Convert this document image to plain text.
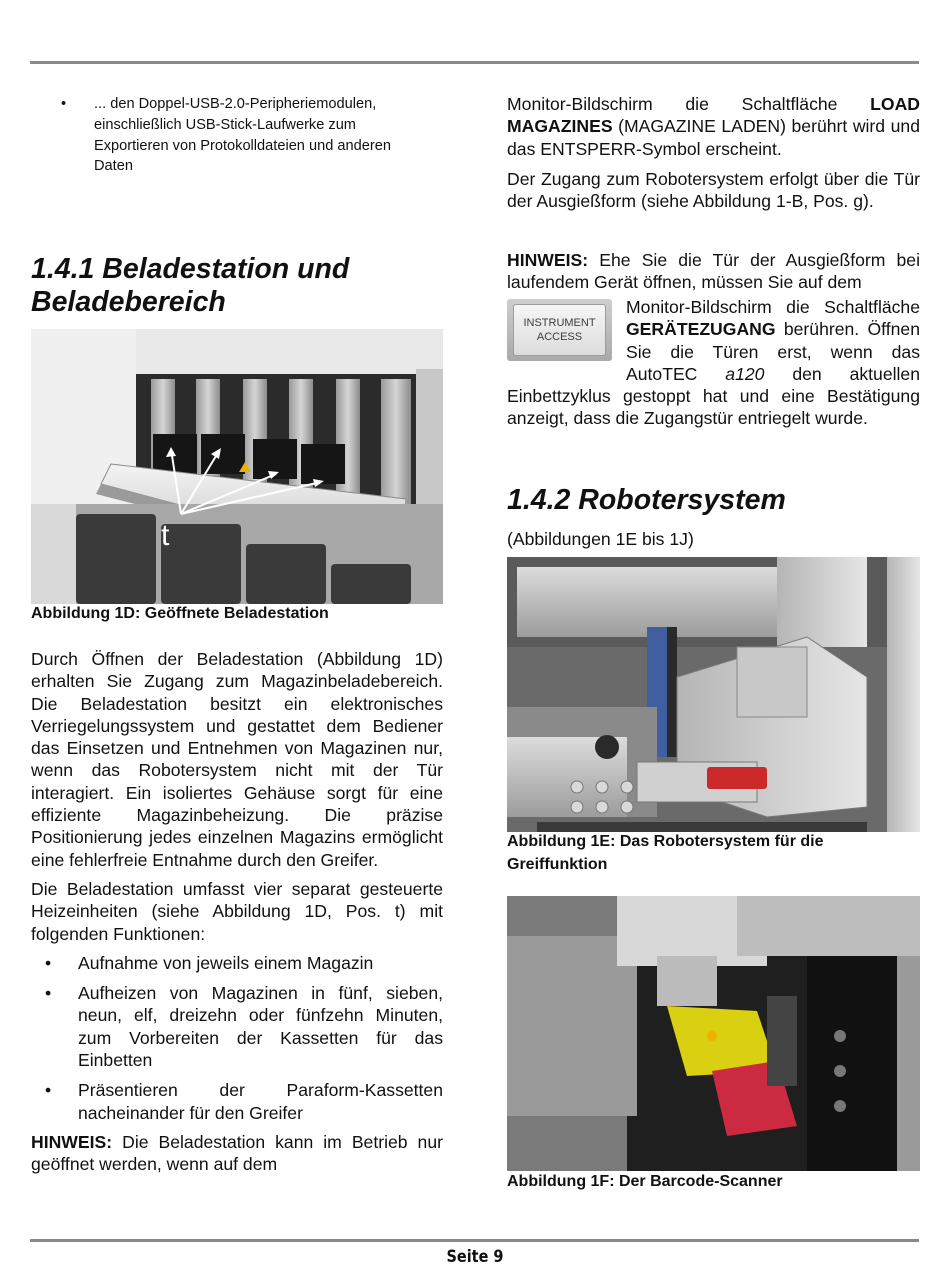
• ... den Doppel-USB-2.0-Peripheriemodulen, einschließlich USB-Stick-Laufwerke zum Exportieren von Protokolldateien und anderen Daten
1.4.1 Beladestation und Beladebereich
t

Abbildung 1D: Geöffnete Beladestation

Durch Öffnen der Beladestation (Abbildung 1D) erhalten Sie Zugang zum Magazinbeladebereich. Die Beladestation besitzt ein elektronisches Verriegelungssystem und gestattet dem Bediener das Einsetzen und Entnehmen von Magazinen nur, wenn das Robotersystem nicht mit der Tür interagiert. Ein isoliertes Gehäuse sorgt für eine effiziente Magazinbeheizung. Die präzise Positionierung jedes einzelnen Magazins ermöglicht eine fehlerfreie Entnahme durch den Greifer.

Die Beladestation umfasst vier separat gesteuerte Heizeinheiten (siehe Abbildung 1D, Pos. t) mit folgenden Funktionen:

• Aufnahme von jeweils einem Magazin
• Aufheizen von Magazinen in fünf, sieben, neun, elf, dreizehn oder fünfzehn Minuten, zum Vorbereiten der Kassetten für das Einbetten
• Präsentieren der Paraform-Kassetten nacheinander für den Greifer

HINWEIS: Die Beladestation kann im Betrieb nur geöffnet werden, wenn auf dem

Monitor-Bildschirm die Schaltfläche LOAD MAGAZINES (MAGAZINE LADEN) berührt wird und das ENTSPERR-Symbol erscheint.

Der Zugang zum Robotersystem erfolgt über die Tür der Ausgießform (siehe Abbildung 1-B, Pos. g).

HINWEIS: Ehe Sie die Tür der Ausgießform bei laufendem Gerät öffnen, müssen Sie auf dem

INSTRUMENT ACCESS

Monitor-Bildschirm die Schaltfläche GERÄTEZUGANG berühren. Öffnen Sie die Türen erst, wenn das AutoTEC a120 den aktuellen Einbettzyklus gestoppt hat und eine Bestätigung anzeigt, dass die Zugangstür entriegelt wurde.

1.4.2 Robotersystem

(Abbildungen 1E bis 1J)

Abbildung 1E: Das Robotersystem für die Greiffunktion

Abbildung 1F: Der Barcode-Scanner

Seite 9
